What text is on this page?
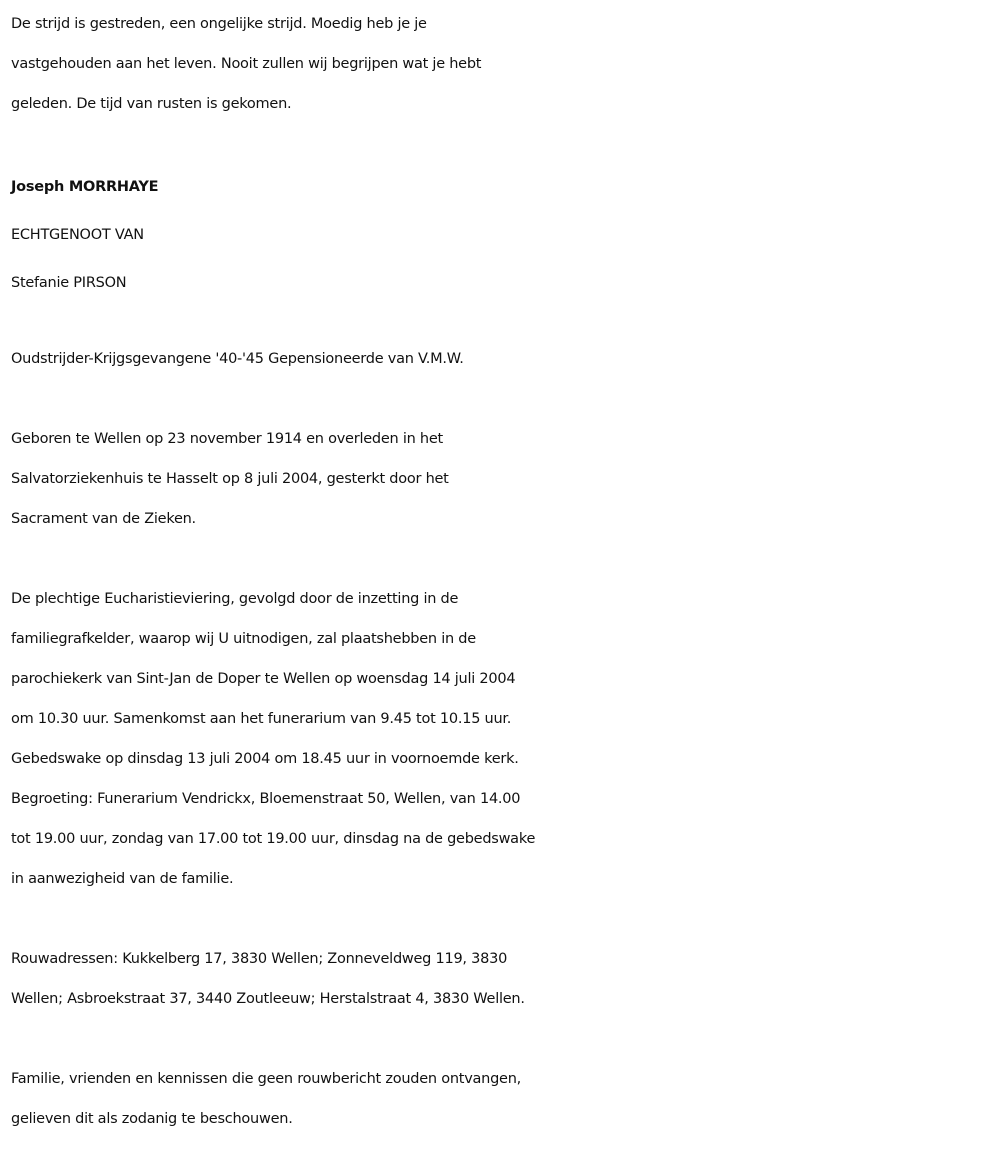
De strijd is gestreden, een ongelijke strijd. Moedig heb je je

vastgehouden aan het leven. Nooit zullen wij begrijpen wat je hebt

geleden. De tijd van rusten is gekomen.

Joseph MORRHAYE

ECHTGENOOT VAN

Stefanie PIRSON

Oudstrijder-Krijgsgevangene '40-'45 Gepensioneerde van V.M.W.

Geboren te Wellen op 23 november 1914 en overleden in het

Salvatorziekenhuis te Hasselt op 8 juli 2004, gesterkt door het

Sacrament van de Zieken.

De plechtige Eucharistieviering, gevolgd door de inzetting in de

familiegrafkelder, waarop wij U uitnodigen, zal plaatshebben in de

parochiekerk van Sint-Jan de Doper te Wellen op woensdag 14 juli 2004

om 10.30 uur. Samenkomst aan het funerarium van 9.45 tot 10.15 uur.

Gebedswake op dinsdag 13 juli 2004 om 18.45 uur in voornoemde kerk.

Begroeting: Funerarium Vendrickx, Bloemenstraat 50, Wellen, van 14.00

tot 19.00 uur, zondag van 17.00 tot 19.00 uur, dinsdag na de gebedswake

in aanwezigheid van de familie.

Rouwadressen: Kukkelberg 17, 3830 Wellen; Zonneveldweg 119, 3830

Wellen; Asbroekstraat 37, 3440 Zoutleeuw; Herstalstraat 4, 3830 Wellen.

Familie, vrienden en kennissen die geen rouwbericht zouden ontvangen,

gelieven dit als zodanig te beschouwen.
